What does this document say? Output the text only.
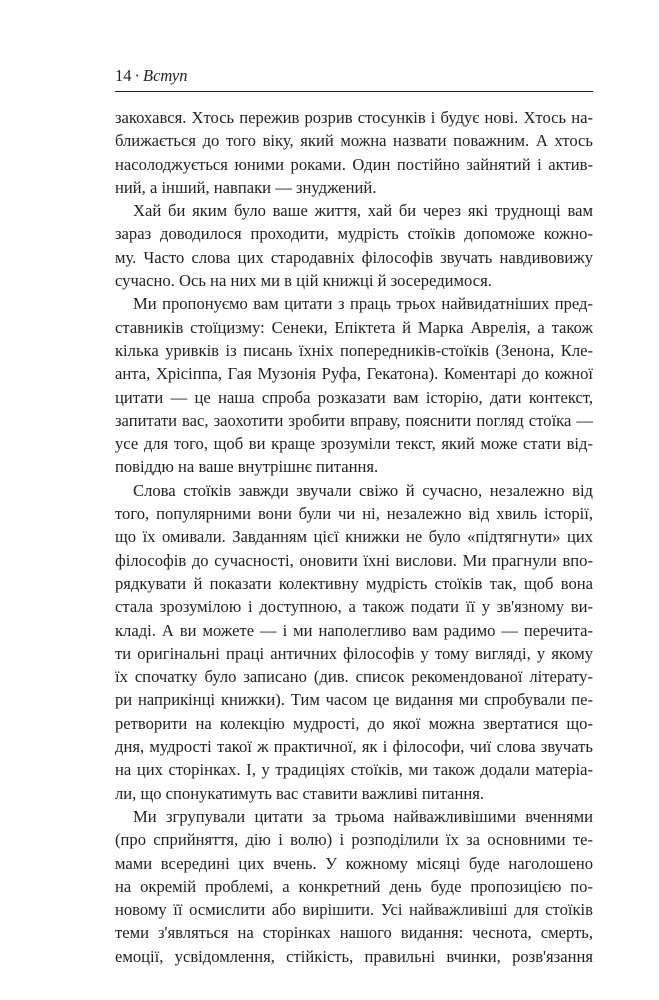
14 · Вступ
закохався. Хтось пережив розрив стосунків і будує нові. Хтось на-
ближається до того віку, який можна назвати поважним. А хтось
насолоджується юними роками. Один постійно зайнятий і актив-
ний, а інший, навпаки — знуджений.
Хай би яким було ваше життя, хай би через які труднощі вам
зараз доводилося проходити, мудрість стоїків допоможе кожно-
му. Часто слова цих стародавніх філософів звучать навдивовижу
сучасно. Ось на них ми в цій книжці й зосередимося.
Ми пропонуємо вам цитати з праць трьох найвидатніших пред-
ставників стоїцизму: Сенеки, Епіктета й Марка Аврелія, а також
кілька уривків із писань їхніх попередників-стоїків (Зенона, Кле-
анта, Хрісіппа, Гая Музонія Руфа, Гекатона). Коментарі до кожної
цитати — це наша спроба розказати вам історію, дати контекст,
запитати вас, заохотити зробити вправу, пояснити погляд стоїка —
усе для того, щоб ви краще зрозуміли текст, який може стати від-
повіддю на ваше внутрішнє питання.
Слова стоїків завжди звучали свіжо й сучасно, незалежно від
того, популярними вони були чи ні, незалежно від хвиль історії,
що їх омивали. Завданням цієї книжки не було «підтягнути» цих
філософів до сучасності, оновити їхні вислови. Ми прагнули впо-
рядкувати й показати колективну мудрість стоїків так, щоб вона
стала зрозумілою і доступною, а також подати її у зв'язному ви-
кладі. А ви можете — і ми наполегливо вам радимо — перечита-
ти оригінальні праці античних філософів у тому вигляді, у якому
їх спочатку було записано (див. список рекомендованої літерату-
ри наприкінці книжки). Тим часом це видання ми спробували пе-
ретворити на колекцію мудрості, до якої можна звертатися що-
дня, мудрості такої ж практичної, як і філософи, чиї слова звучать
на цих сторінках. І, у традиціях стоїків, ми також додали матеріа-
ли, що спонукатимуть вас ставити важливі питання.
Ми згрупували цитати за трьома найважливішими вченнями
(про сприйняття, дію і волю) і розподілили їх за основними те-
мами всередині цих вчень. У кожному місяці буде наголошено
на окремій проблемі, а конкретний день буде пропозицією по-
новому її осмислити або вирішити. Усі найважливіші для стоїків
теми з'являться на сторінках нашого видання: чеснота, смерть,
емоції, усвідомлення, стійкість, правильні вчинки, розв'язання
